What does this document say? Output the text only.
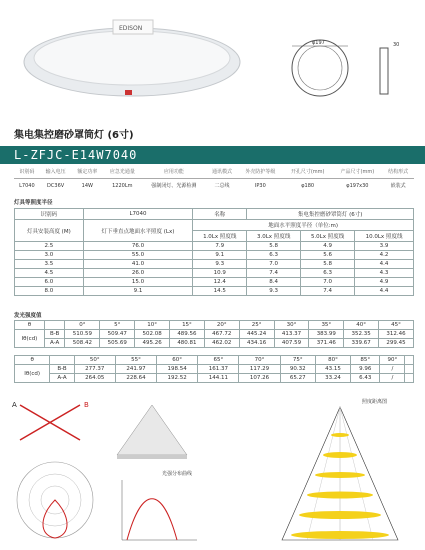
EDISON
φ197	30
集电集控磨砂罩筒灯 (6寸)
L-ZFJC-E14W7040
识别码	输入电压	额定功率	应急光通量	应用功能	通讯模式	外壳防护等级	开孔尺寸(mm)	产品尺寸(mm)	结构形式
L7040	DC36V	14W	1220Lm	强制闭灯、光源检测	二总线	IP30	φ180	φ197x30	嵌装式
灯具等照度半径
识别码	L7040	名称	集电集控磨砂罩筒灯 (6寸)		
灯具安装高度 (M)	灯下垂直点地面水平照度 (Lx)	地面水平照度半径（单位:m)			
		1.0Lx 照度线	3.0Lx 照度线	5.0Lx 照度线	10.0Lx 照度线
2.5	76.0	7.9	5.8	4.9	3.9
3.0	55.0	9.1	6.3	5.6	4.2
3.5	41.0	9.3	7.0	5.8	4.4
4.5	26.0	10.9	7.4	6.3	4.3
6.0	15.0	12.4	8.4	7.0	4.9
8.0	9.1	14.5	9.3	7.4	4.4
发光强度值
θ		0°	5°	10°	15°	20°	25°	30°	35°	40°	45°
Iθ(cd)	B-B	510.59	509.47	502.08	489.56	467.72	445.24	413.37	383.99	352.35	312.46
	A-A	508.42	505.69	495.26	480.81	462.02	434.16	407.59	371.46	339.67	299.45
θ		50°	55°	60°	65°	70°	75°	80°	85°	90°	
Iθ(cd)	B-B	277.37	241.97	198.54	161.37	117.29	90.32	43.15	9.96	∕	
	A-A	264.05	228.64	192.52	144.11	107.26	65.27	33.24	6.43	∕	
A	B
光强分布曲线
照度距离图
